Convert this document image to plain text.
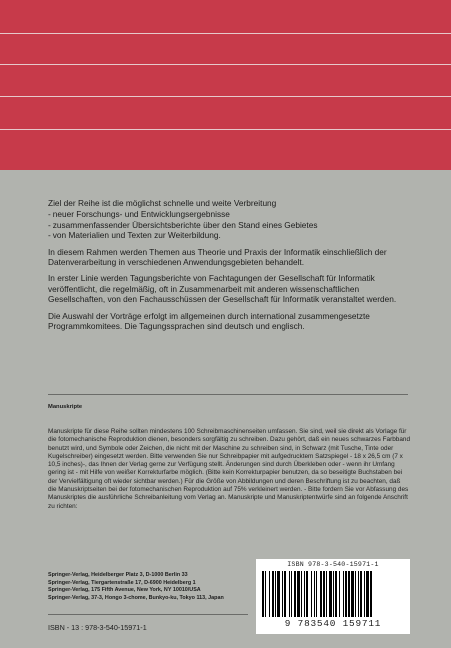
Ziel der Reihe ist die möglichst schnelle und weite Verbreitung

- neuer Forschungs- und Entwicklungsergebnisse
- zusammenfassender Übersichtsberichte über den Stand eines Gebietes
- von Materialien und Texten zur Weiterbildung.

In diesem Rahmen werden Themen aus Theorie und Praxis der Informatik einschließlich der Datenverarbeitung in verschiedenen Anwendungsgebieten behandelt.

In erster Linie werden Tagungsberichte von Fachtagungen der Gesellschaft für Informatik veröffentlicht, die regelmäßig, oft in Zusammenarbeit mit anderen wissenschaftlichen Gesellschaften, von den Fachausschüssen der Gesellschaft für Informatik veranstaltet werden.

Die Auswahl der Vorträge erfolgt im allgemeinen durch international zusammengesetzte Programmkomitees. Die Tagungssprachen sind deutsch und englisch.

Manuskripte

Manuskripte für diese Reihe sollten mindestens 100 Schreibmaschinenseiten umfassen. Sie sind, weil sie direkt als Vorlage für die fotomechanische Reproduktion dienen, besonders sorgfältig zu schreiben. Dazu gehört, daß ein neues schwarzes Farbband benutzt wird, und Symbole oder Zeichen, die nicht mit der Maschine zu schreiben sind, in Schwarz (mit Tusche, Tinte oder Kugelschreiber) eingesetzt werden. Bitte verwenden Sie nur Schreibpapier mit aufgedrucktem Satzspiegel - 18 x 26,5 cm (7 x 10,5 inches)-, das Ihnen der Verlag gerne zur Verfügung stellt. Änderungen sind durch Überkleben oder - wenn ihr Umfang gering ist - mit Hilfe von weißer Korrekturfarbe möglich. (Bitte kein Korrekturpapier benutzen, da so beseitigte Buchstaben bei der Vervielfältigung oft wieder sichtbar werden.) Für die Größe von Abbildungen und deren Beschriftung ist zu beachten, daß die Manuskriptseiten bei der fotomechanischen Reproduktion auf 75% verkleinert werden. - Bitte fordern Sie vor Abfassung des Manuskriptes die ausführliche Schreibanleitung vom Verlag an. Manuskripte und Manuskriptentwürfe sind an folgende Anschrift zu richten:

Springer-Verlag, Heidelberger Platz 3, D-1000 Berlin 33
Springer-Verlag, Tiergartenstraße 17, D-6900 Heidelberg 1
Springer-Verlag, 175 Fifth Avenue, New York, NY 10010/USA
Springer-Verlag, 37-3, Hongo 3-chome, Bunkyo-ku, Tokyo 113, Japan
ISBN - 13 : 978-3-540-15971-1
ISBN 978-3-540-15971-1
9 783540 159711
